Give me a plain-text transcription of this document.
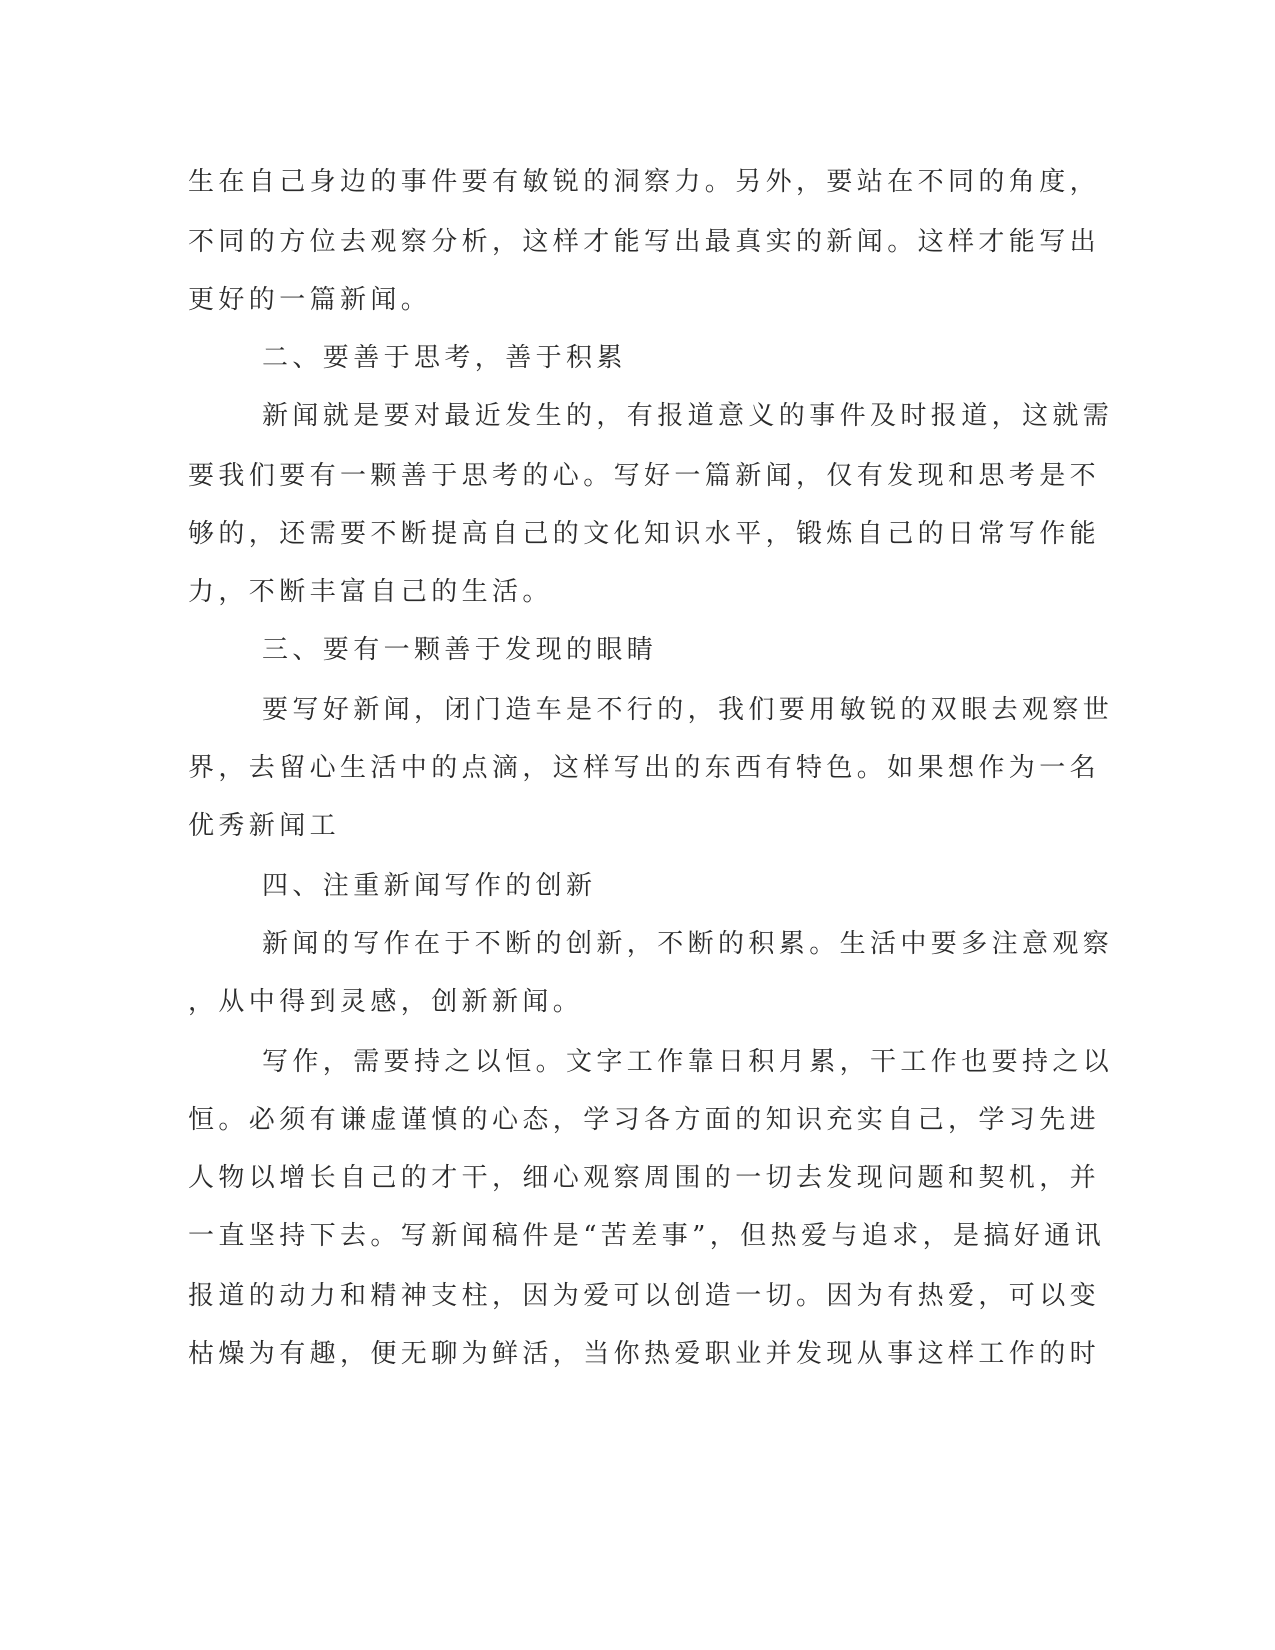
生在自己身边的事件要有敏锐的洞察力。另外，要站在不同的角度，
不同的方位去观察分析，这样才能写出最真实的新闻。这样才能写出
更好的一篇新闻。
二、要善于思考，善于积累
新闻就是要对最近发生的，有报道意义的事件及时报道，这就需
要我们要有一颗善于思考的心。写好一篇新闻，仅有发现和思考是不
够的，还需要不断提高自己的文化知识水平，锻炼自己的日常写作能
力，不断丰富自己的生活。
三、要有一颗善于发现的眼睛
要写好新闻，闭门造车是不行的，我们要用敏锐的双眼去观察世
界，去留心生活中的点滴，这样写出的东西有特色。如果想作为一名
优秀新闻工
四、注重新闻写作的创新
新闻的写作在于不断的创新，不断的积累。生活中要多注意观察
，从中得到灵感，创新新闻。
写作，需要持之以恒。文字工作靠日积月累，干工作也要持之以
恒。必须有谦虚谨慎的心态，学习各方面的知识充实自己，学习先进
人物以增长自己的才干，细心观察周围的一切去发现问题和契机，并
一直坚持下去。写新闻稿件是“苦差事”，但热爱与追求，是搞好通讯
报道的动力和精神支柱，因为爱可以创造一切。因为有热爱，可以变
枯燥为有趣，便无聊为鲜活，当你热爱职业并发现从事这样工作的时
